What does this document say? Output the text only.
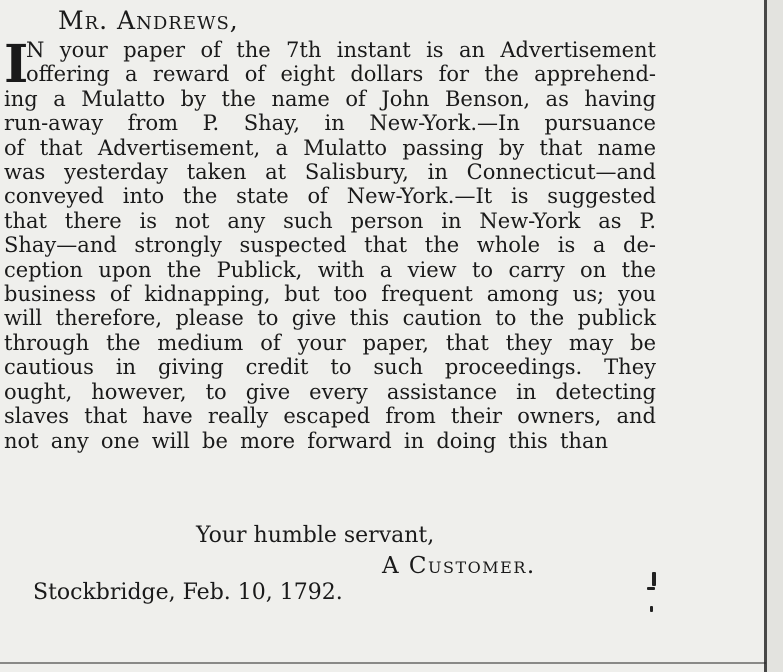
Mr. Andrews,
I
N your paper of the 7th instant is an Advertisement
offering a reward of eight dollars for the apprehend-
ing a Mulatto by the name of John Benson, as having
run-away from P. Shay, in New-York.—In pursuance
of that Advertisement, a Mulatto passing by that name
was yesterday taken at Salisbury, in Connecticut—and
conveyed into the state of New-York.—It is suggested
that there is not any such person in New-York as P.
Shay—and strongly suspected that the whole is a de-
ception upon the Publick, with a view to carry on the
business of kidnapping, but too frequent among us; you
will therefore, please to give this caution to the publick
through the medium of your paper, that they may be
cautious in giving credit to such proceedings. They
ought, however, to give every assistance in detecting
slaves that have really escaped from their owners, and
not any one will be more forward in doing this than
Your humble servant,
A Customer.
Stockbridge, Feb. 10, 1792.
